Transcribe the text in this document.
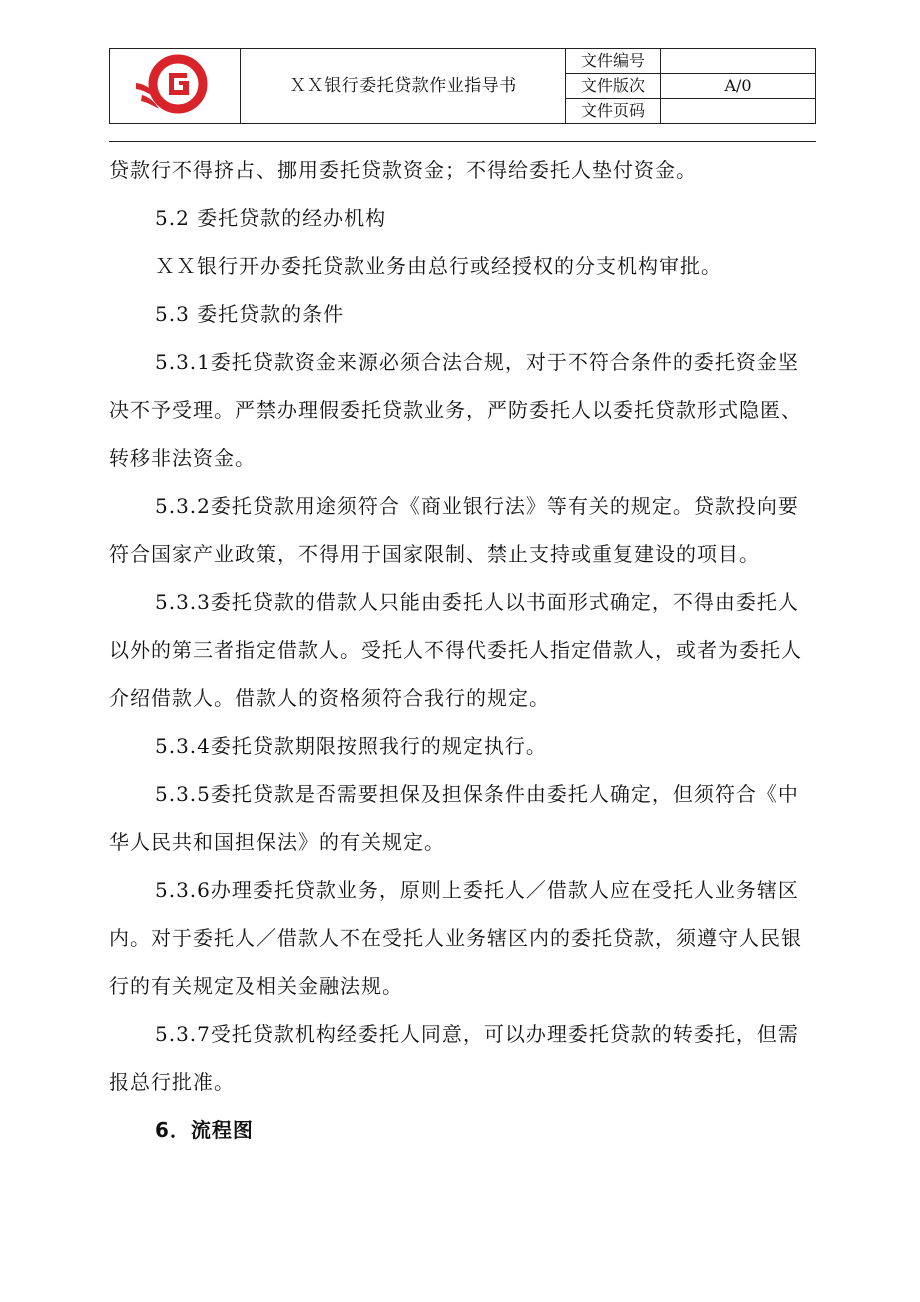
	ＸＸ银行委托贷款作业指导书	文件编号	
		文件版次	A/0
		文件页码	

贷款行不得挤占、挪用委托贷款资金；不得给委托人垫付资金。

5.2 委托贷款的经办机构

ＸＸ银行开办委托贷款业务由总行或经授权的分支机构审批。

5.3 委托贷款的条件

5.3.1委托贷款资金来源必须合法合规，对于不符合条件的委托资金坚决不予受理。严禁办理假委托贷款业务，严防委托人以委托贷款形式隐匿、转移非法资金。

5.3.2委托贷款用途须符合《商业银行法》等有关的规定。贷款投向要符合国家产业政策，不得用于国家限制、禁止支持或重复建设的项目。

5.3.3委托贷款的借款人只能由委托人以书面形式确定，不得由委托人以外的第三者指定借款人。受托人不得代委托人指定借款人，或者为委托人介绍借款人。借款人的资格须符合我行的规定。

5.3.4委托贷款期限按照我行的规定执行。

5.3.5委托贷款是否需要担保及担保条件由委托人确定，但须符合《中华人民共和国担保法》的有关规定。

5.3.6办理委托贷款业务，原则上委托人／借款人应在受托人业务辖区内。对于委托人／借款人不在受托人业务辖区内的委托贷款，须遵守人民银行的有关规定及相关金融法规。

5.3.7受托贷款机构经委托人同意，可以办理委托贷款的转委托，但需报总行批准。

6．流程图
